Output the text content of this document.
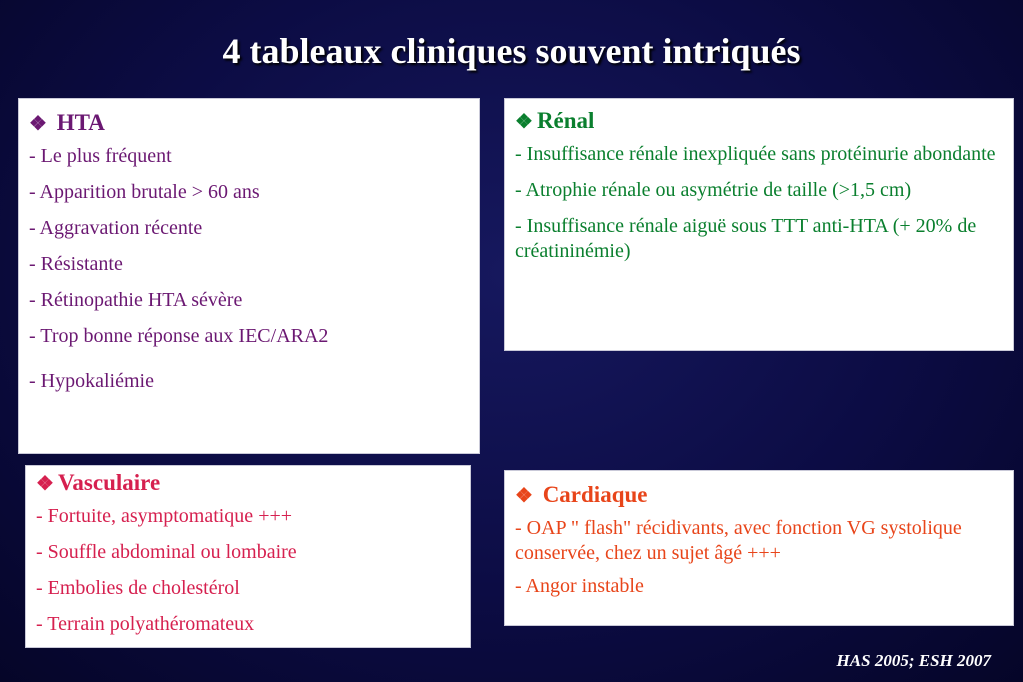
4 tableaux cliniques souvent intriqués
❖ HTA
- Le plus fréquent
- Apparition brutale > 60 ans
- Aggravation récente
- Résistante
- Rétinopathie HTA sévère
- Trop bonne réponse aux IEC/ARA2
- Hypokaliémie
❖ Rénal
- Insuffisance rénale inexpliquée sans protéinurie abondante
- Atrophie rénale ou asymétrie de taille (>1,5 cm)
- Insuffisance rénale aiguë sous TTT anti-HTA (+ 20% de créatininémie)
❖ Vasculaire
- Fortuite, asymptomatique +++
- Souffle abdominal ou lombaire
- Embolies de cholestérol
- Terrain polyathéromateux
❖ Cardiaque
- OAP " flash" récidivants, avec fonction VG systolique conservée, chez un sujet âgé +++
- Angor instable
HAS 2005; ESH 2007
